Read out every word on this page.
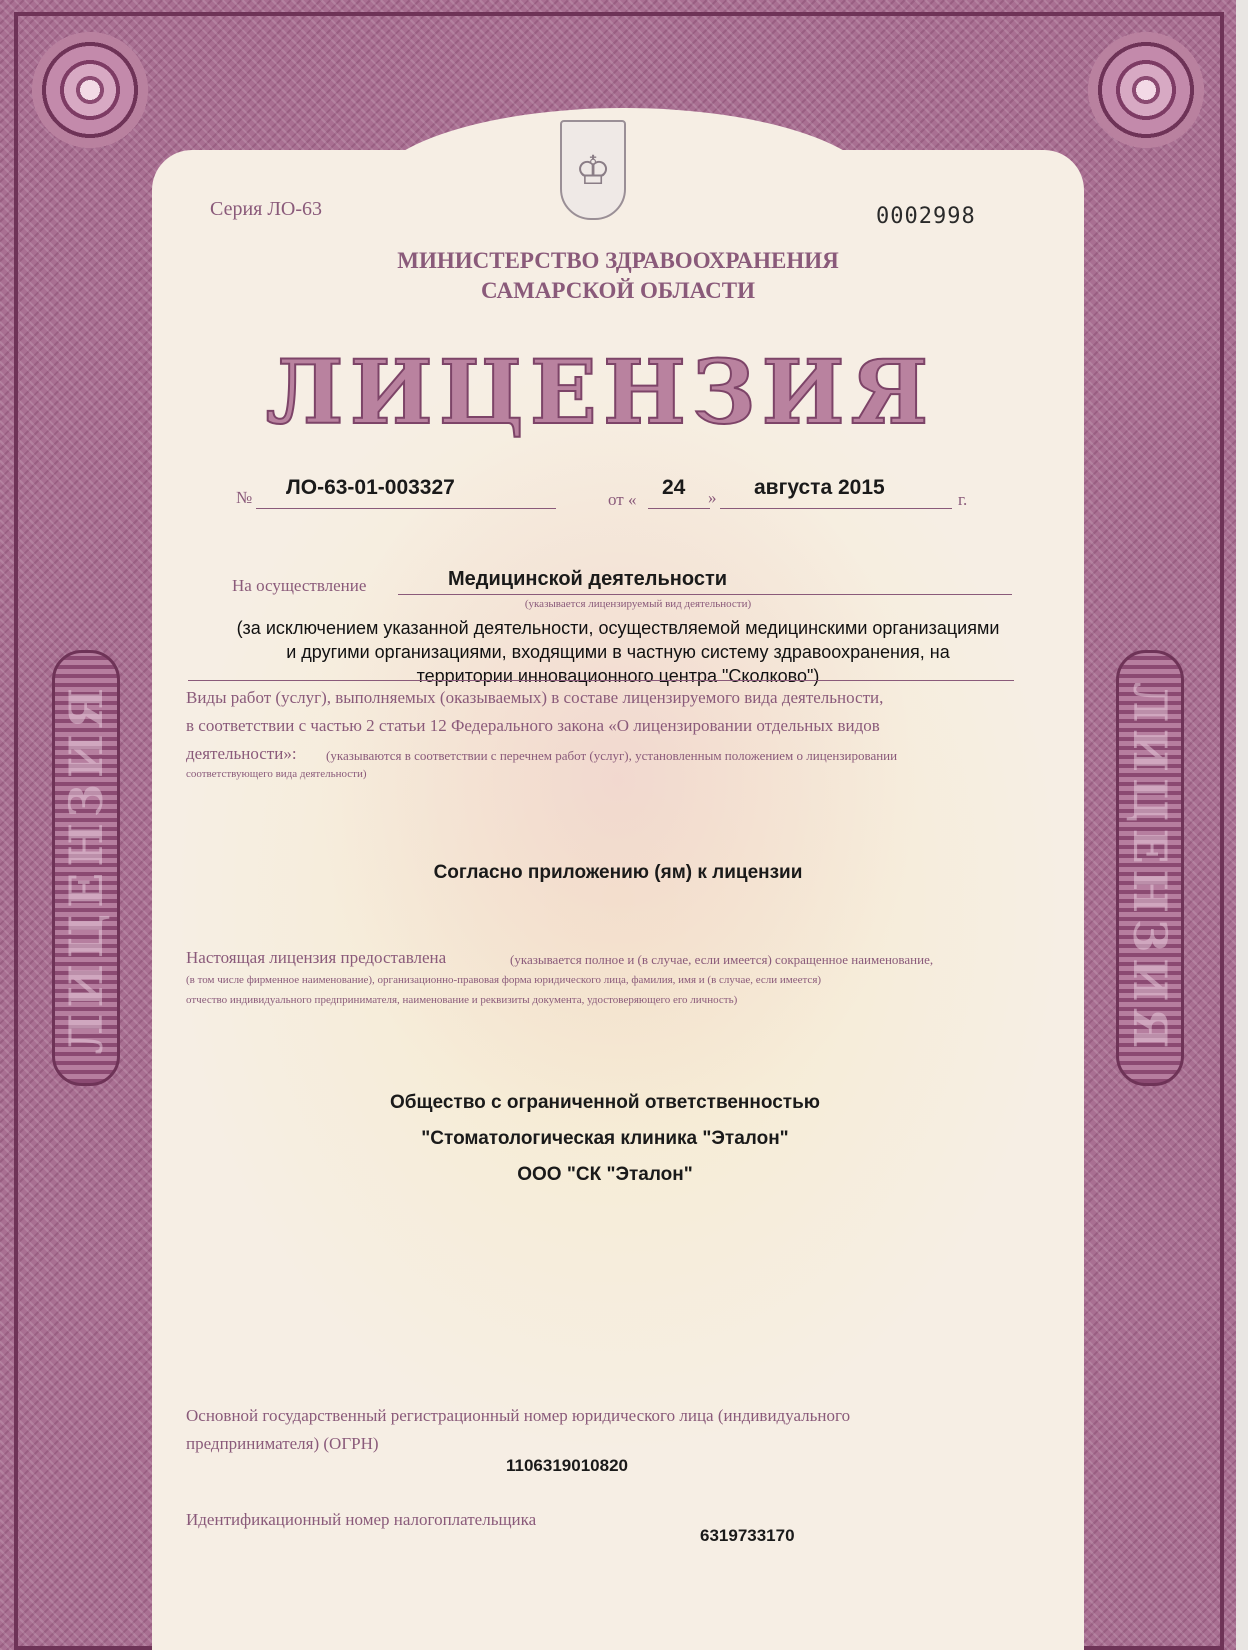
ЛИЦЕНЗИЯ	ЛИЦЕНЗИЯ
♔
Серия ЛО-63	0002998
МИНИСТЕРСТВО ЗДРАВООХРАНЕНИЯ
САМАРСКОЙ ОБЛАСТИ
ЛИЦЕНЗИЯ
№ ЛО-63-01-003327
от «
24 » августа 2015
г.
На осуществление	Медицинской деятельности
(указывается лицензируемый вид деятельности)
(за исключением указанной деятельности, осуществляемой медицинскими организациями
и другими организациями, входящими в частную систему здравоохранения, на
территории инновационного центра "Сколково")
Виды работ (услуг), выполняемых (оказываемых) в составе лицензируемого вида деятельности,
в соответствии с частью 2 статьи 12 Федерального закона «О лицензировании отдельных видов
деятельности»: (указываются в соответствии с перечнем работ (услуг), установленным положением о лицензировании
соответствующего вида деятельности)
Согласно приложению (ям) к лицензии
Настоящая лицензия предоставлена	(указывается полное и (в случае, если имеется) сокращенное наименование,
(в том числе фирменное наименование), организационно-правовая форма юридического лица, фамилия, имя и (в случае, если имеется)
отчество индивидуального предпринимателя, наименование и реквизиты документа, удостоверяющего его личность)
Общество с ограниченной ответственностью
"Стоматологическая клиника "Эталон"
ООО "СК "Эталон"
Основной государственный регистрационный номер юридического лица (индивидуального
предпринимателя) (ОГРН)
1106319010820
Идентификационный номер налогоплательщика
6319733170
